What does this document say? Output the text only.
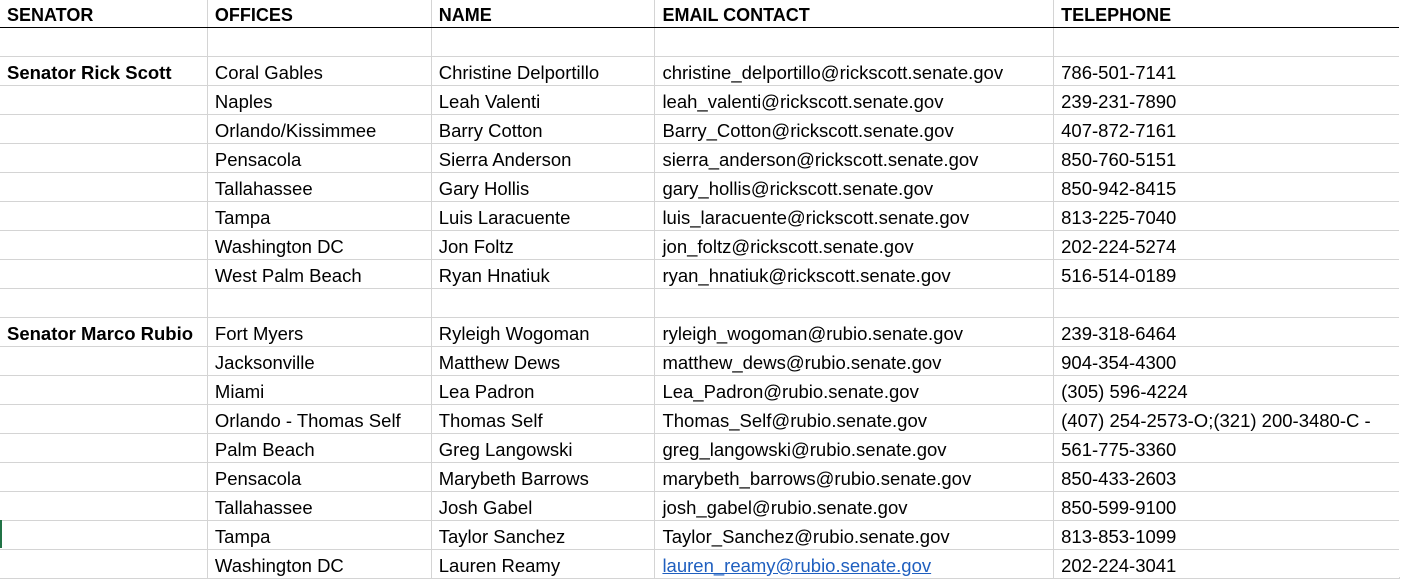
SENATOR	OFFICES	NAME	EMAIL CONTACT	TELEPHONE

Senator Rick Scott	Coral Gables	Christine Delportillo	christine_delportillo@rickscott.senate.gov	786-501-7141
	Naples	Leah Valenti	leah_valenti@rickscott.senate.gov	239-231-7890
	Orlando/Kissimmee	Barry Cotton	Barry_Cotton@rickscott.senate.gov	407-872-7161
	Pensacola	Sierra Anderson	sierra_anderson@rickscott.senate.gov	850-760-5151
	Tallahassee	Gary Hollis	gary_hollis@rickscott.senate.gov	850-942-8415
	Tampa	Luis Laracuente	luis_laracuente@rickscott.senate.gov	813-225-7040
	Washington DC	Jon Foltz	jon_foltz@rickscott.senate.gov	202-224-5274
	West Palm Beach	Ryan Hnatiuk	ryan_hnatiuk@rickscott.senate.gov	516-514-0189

Senator Marco Rubio	Fort Myers	Ryleigh Wogoman	ryleigh_wogoman@rubio.senate.gov	239-318-6464
	Jacksonville	Matthew Dews	matthew_dews@rubio.senate.gov	904-354-4300
	Miami	Lea Padron	Lea_Padron@rubio.senate.gov	(305) 596-4224
	Orlando - Thomas Self	Thomas Self	Thomas_Self@rubio.senate.gov	(407) 254-2573-O;(321) 200-3480-C -
	Palm Beach	Greg Langowski	greg_langowski@rubio.senate.gov	561-775-3360
	Pensacola	Marybeth Barrows	marybeth_barrows@rubio.senate.gov	850-433-2603
	Tallahassee	Josh Gabel	josh_gabel@rubio.senate.gov	850-599-9100
	Tampa	Taylor Sanchez	Taylor_Sanchez@rubio.senate.gov	813-853-1099
	Washington DC	Lauren Reamy	lauren_reamy@rubio.senate.gov	202-224-3041
